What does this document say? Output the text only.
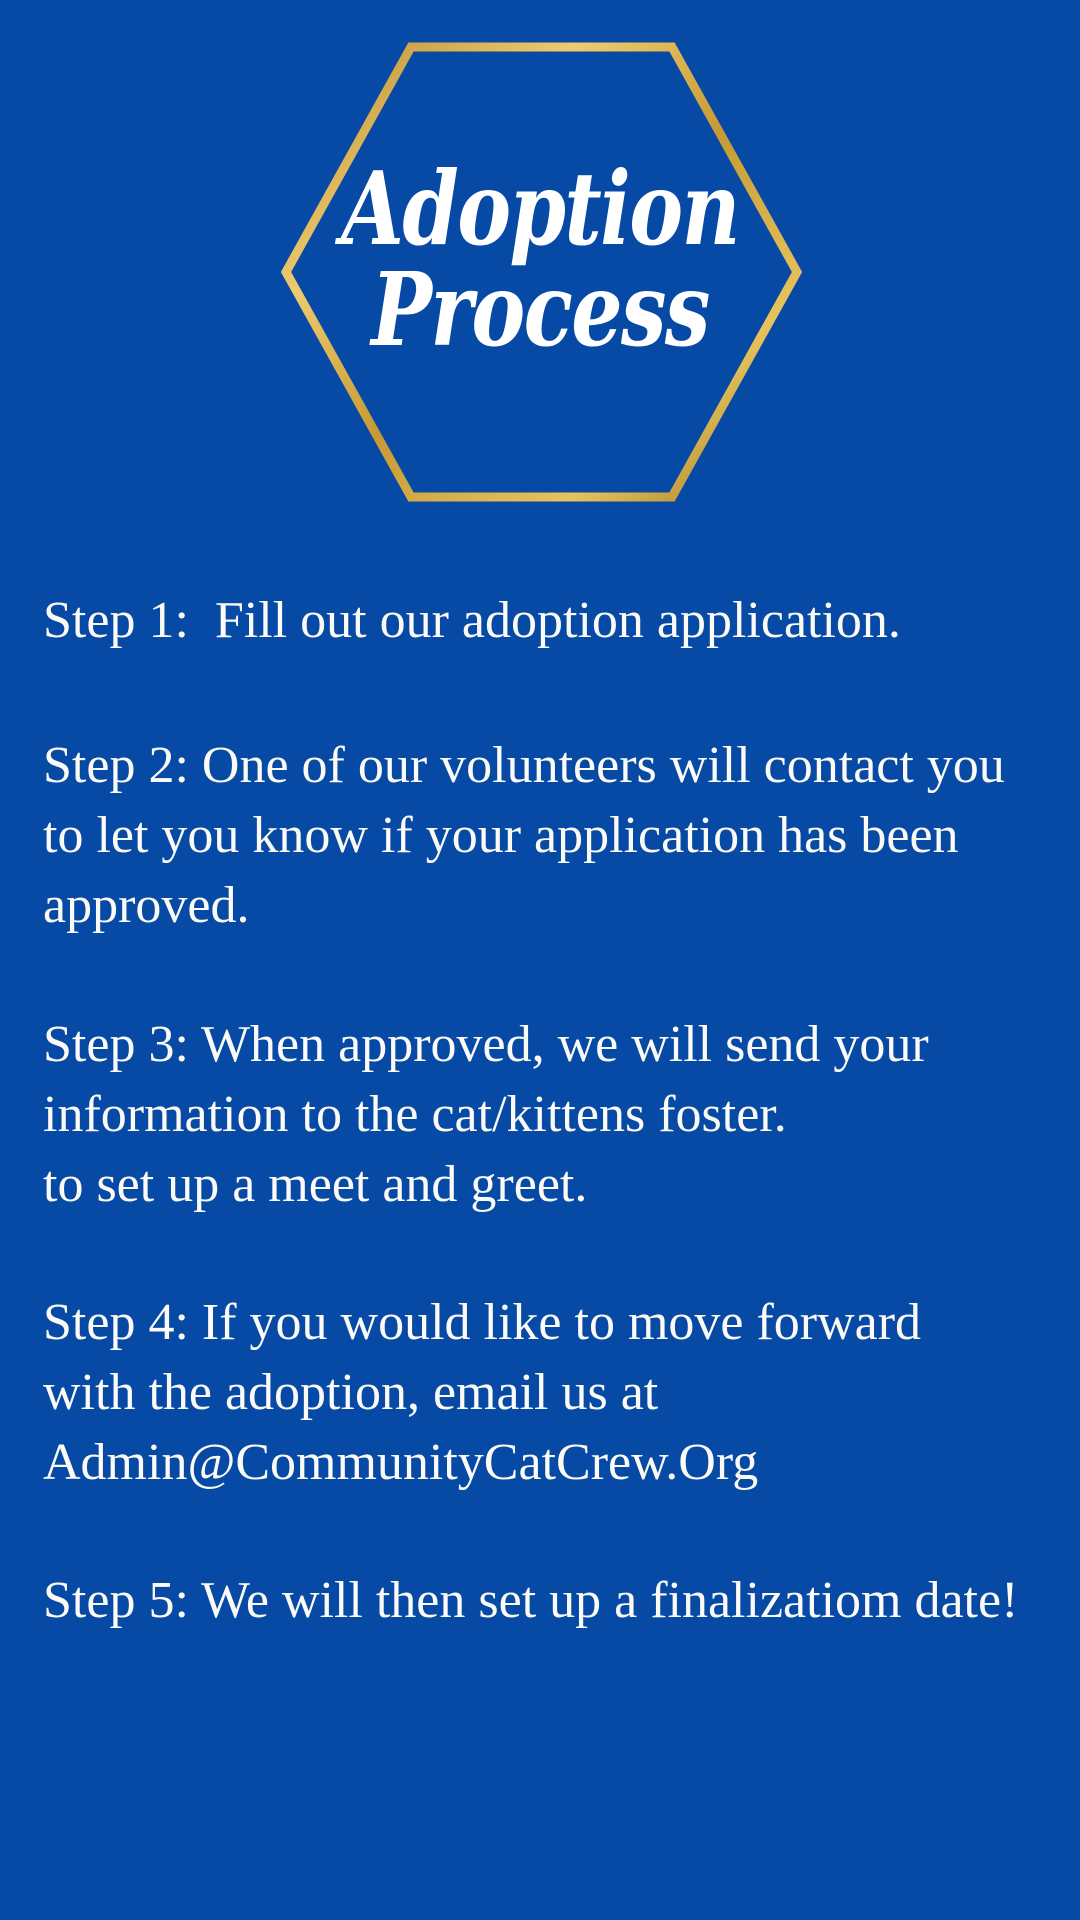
Adoption
Process
Step 1:  Fill out our adoption application.
Step 2: One of our volunteers will contact you
to let you know if your application has been
approved.
Step 3: When approved, we will send your
information to the cat/kittens foster.
to set up a meet and greet.
Step 4: If you would like to move forward
with the adoption, email us at
Admin@CommunityCatCrew.Org
Step 5: We will then set up a finalizatiom date!
